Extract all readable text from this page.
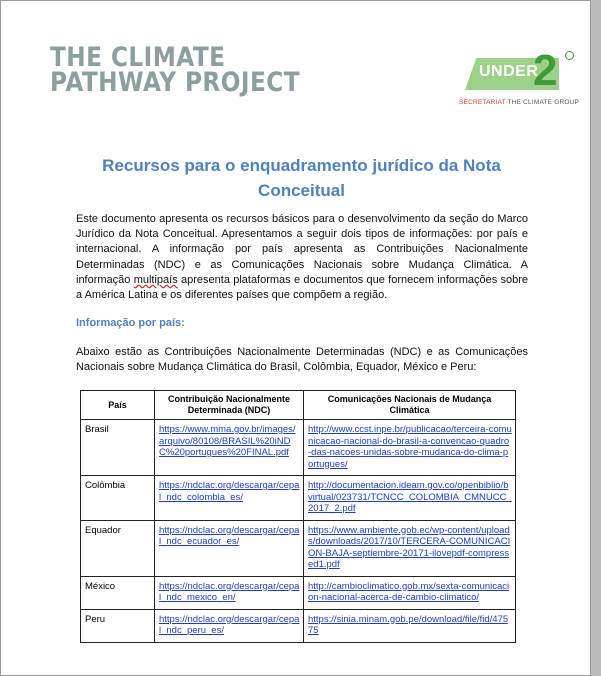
THE CLIMATE
PATHWAY PROJECT	UNDER
2
SECRETARIAT THE CLIMATE GROUP
Recursos para o enquadramento jurídico da Nota
Conceitual
Este documento apresenta os recursos básicos para o desenvolvimento da seção do Marco
Jurídico da Nota Conceitual. Apresentamos a seguir dois tipos de informações: por país e
internacional. A informação por país apresenta as Contribuições Nacionalmente
Determinadas (NDC) e as Comunicações Nacionais sobre Mudança Climática. A
informação multipaís apresenta plataformas e documentos que fornecem informações sobre
a América Latina e os diferentes países que compõem a região.
Informação por país:
Abaixo estão as Contribuições Nacionalmente Determinadas (NDC) e as Comunicações
Nacionais sobre Mudança Climática do Brasil, Colômbia, Equador, México e Peru:
País	Contribuição Nacionalmente Determinada (NDC)	Comunicações Nacionais de Mudança Climática
Brasil	https://www.mma.gov.br/images/arquivo/80108/BRASIL%20iNDC%20portugues%20FINAL.pdf	http://www.ccst.inpe.br/publicacao/terceira-comunicacao-nacional-do-brasil-a-convencao-quadro-das-nacoes-unidas-sobre-mudanca-do-clima-portugues/
Colômbia	https://ndclac.org/descargar/cepal_ndc_colombia_es/	http://documentacion.ideam.gov.co/openbiblio/bvirtual/023731/TCNCC_COLOMBIA_CMNUCC_2017_2.pdf
Equador	https://ndclac.org/descargar/cepal_ndc_ecuador_es/	https://www.ambiente.gob.ec/wp-content/uploads/downloads/2017/10/TERCERA-COMUNICACION-BAJA-septiembre-20171-ilovepdf-compressed1.pdf
México	https://ndclac.org/descargar/cepal_ndc_mexico_en/	http://cambioclimatico.gob.mx/sexta-comunicacion-nacional-acerca-de-cambio-climatico/
Peru	https://ndclac.org/descargar/cepal_ndc_peru_es/	https://sinia.minam.gob.pe/download/file/fid/47575
